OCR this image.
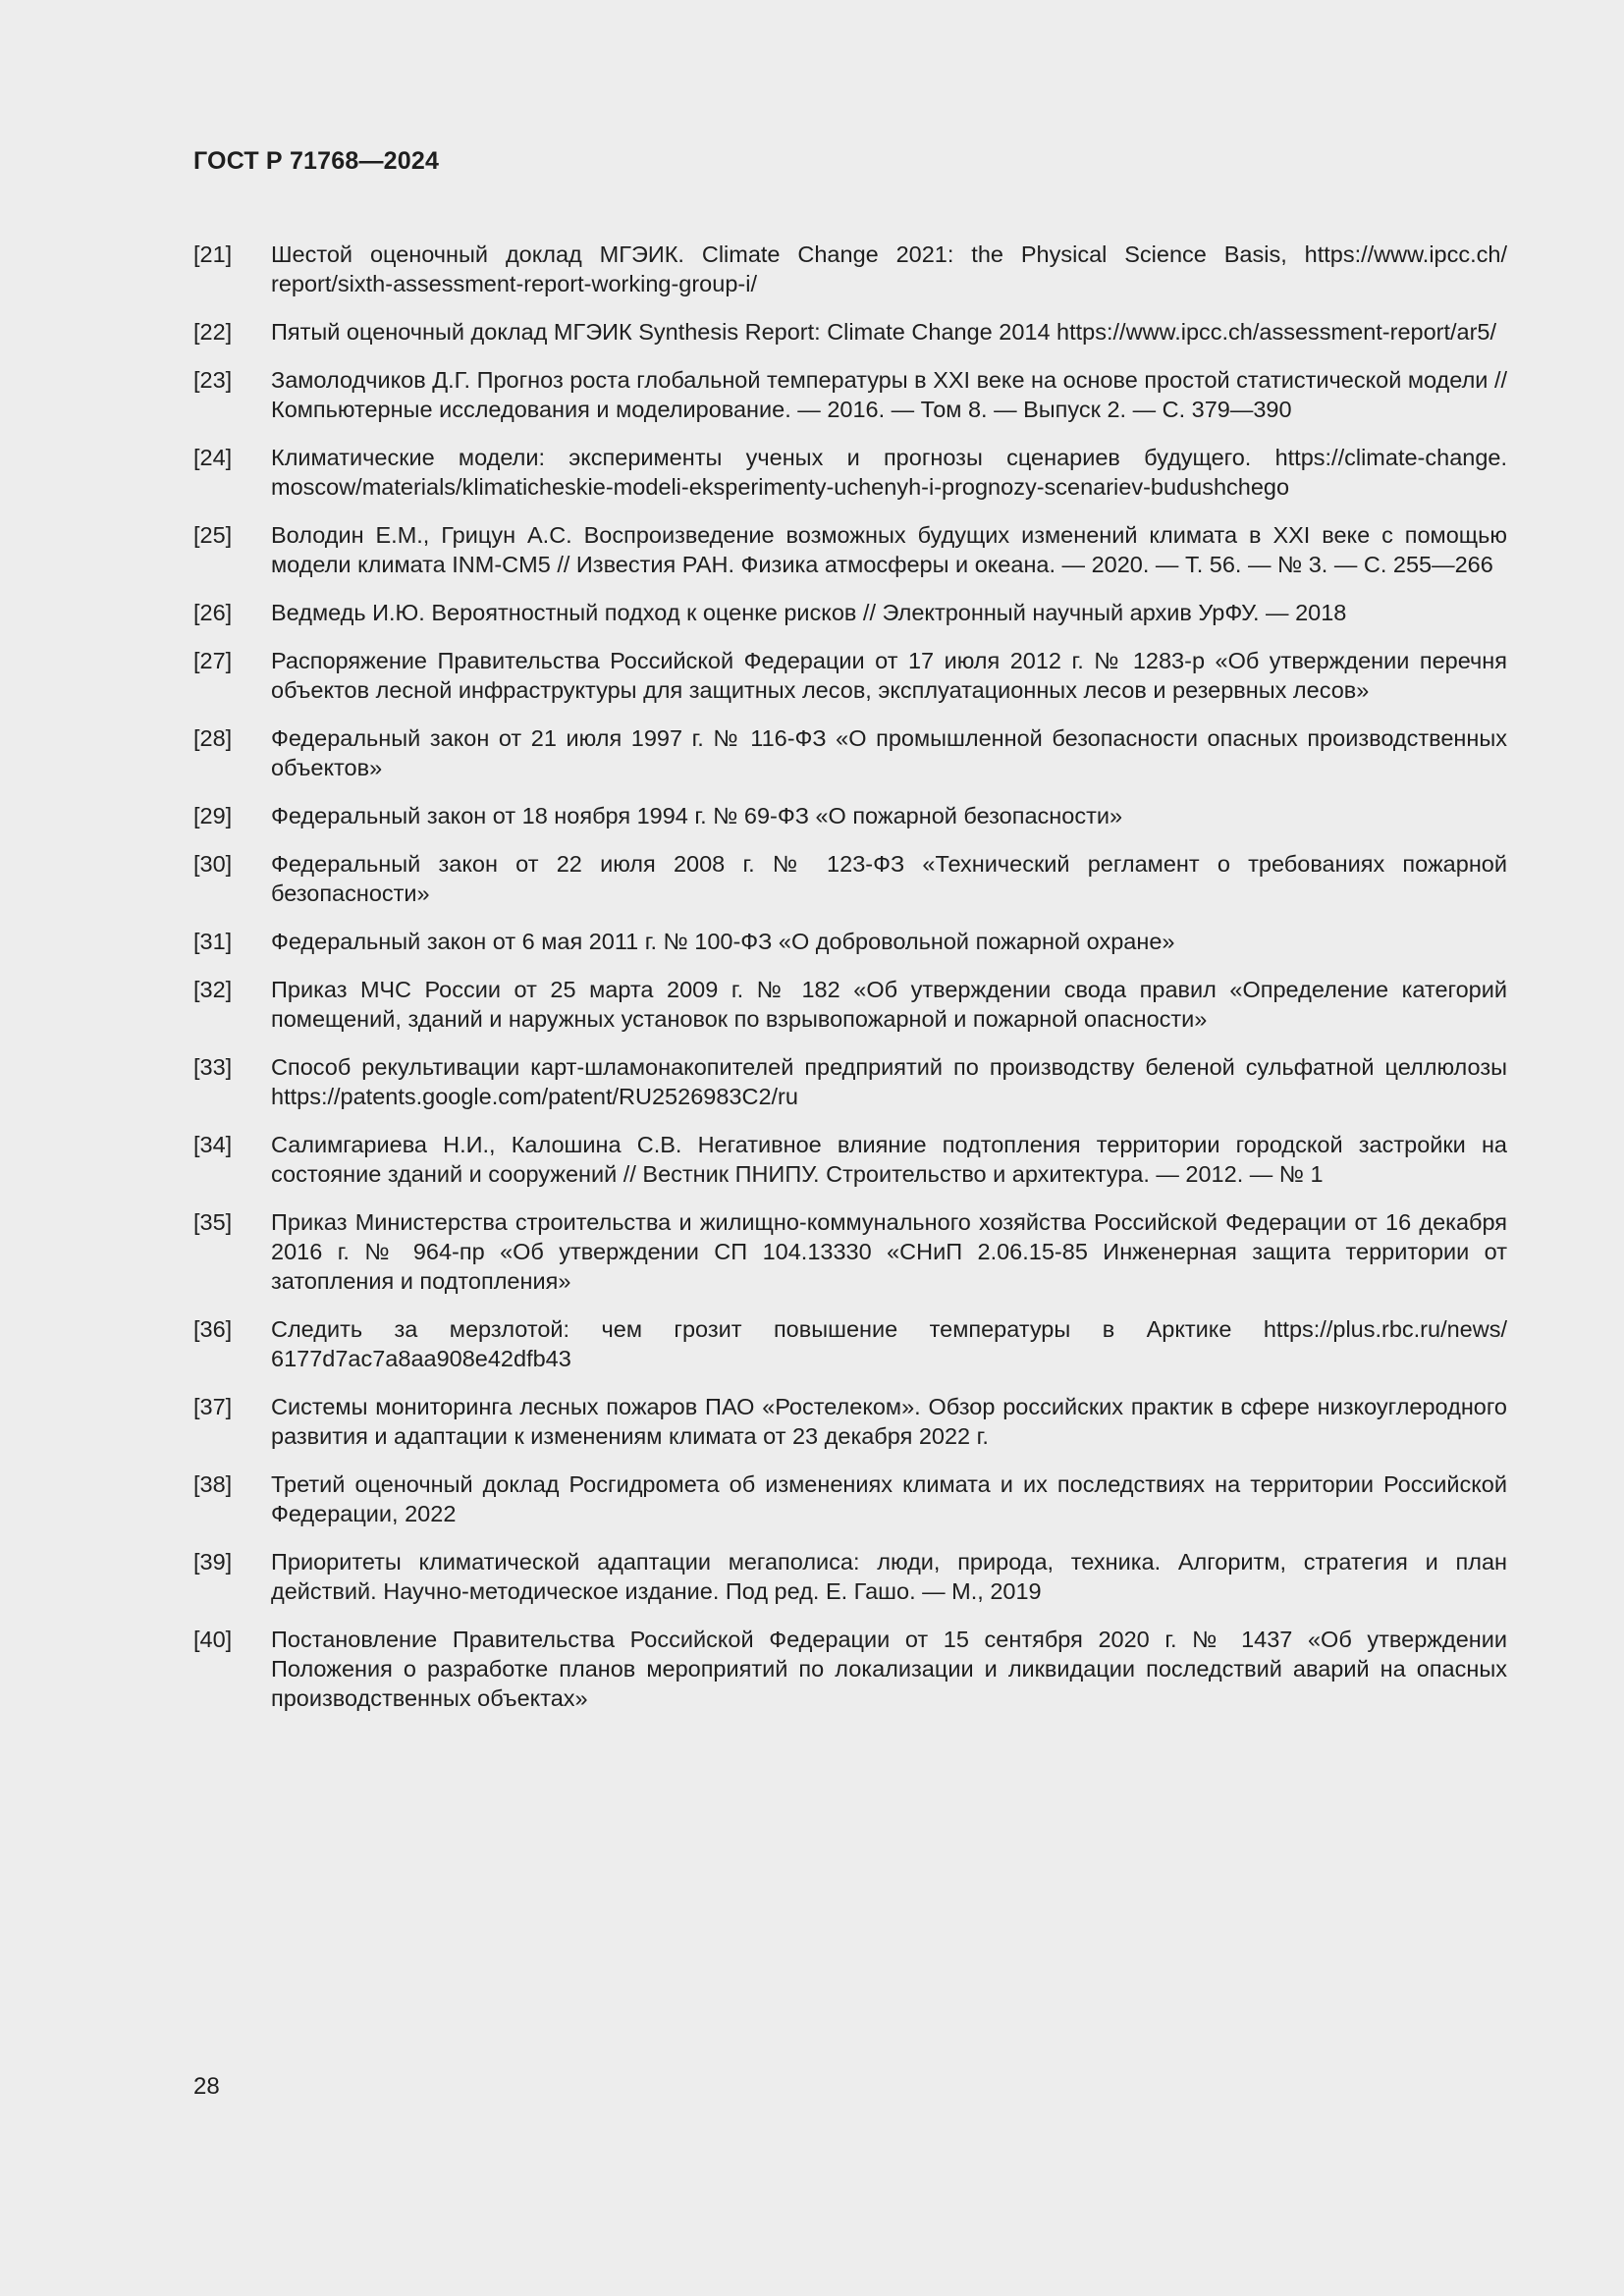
ГОСТ Р 71768—2024
[21]	Шестой оценочный доклад МГЭИК. Climate Change 2021: the Physical Science Basis, https://www.ipcc.ch/ report/sixth-assessment-report-working-group-i/
[22]	Пятый оценочный доклад МГЭИК Synthesis Report: Climate Change 2014 https://www.ipcc.ch/assessment-report/ar5/
[23]	Замолодчиков Д.Г. Прогноз роста глобальной температуры в XXI веке на основе простой статистической модели // Компьютерные исследования и моделирование. — 2016. — Том 8. — Выпуск 2. — С. 379—390
[24]	Климатические модели: эксперименты ученых и прогнозы сценариев будущего. https://climate-change. moscow/materials/klimaticheskie-modeli-eksperimenty-uchenyh-i-prognozy-scenariev-budushchego
[25]	Володин Е.М., Грицун А.С. Воспроизведение возможных будущих изменений климата в XXI веке с помощью модели климата INM-CM5 // Известия РАН. Физика атмосферы и океана. — 2020. — Т. 56. — № 3. — С. 255—266
[26]	Ведмедь И.Ю. Вероятностный подход к оценке рисков // Электронный научный архив УрФУ. — 2018
[27]	Распоряжение Правительства Российской Федерации от 17 июля 2012 г. № 1283-р «Об утверждении перечня объектов лесной инфраструктуры для защитных лесов, эксплуатационных лесов и резервных лесов»
[28]	Федеральный закон от 21 июля 1997 г. № 116-ФЗ «О промышленной безопасности опасных производственных объектов»
[29]	Федеральный закон от 18 ноября 1994 г. № 69-ФЗ «О пожарной безопасности»
[30]	Федеральный закон от 22 июля 2008 г. № 123-ФЗ «Технический регламент о требованиях пожарной безопасности»
[31]	Федеральный закон от 6 мая 2011 г. № 100-ФЗ «О добровольной пожарной охране»
[32]	Приказ МЧС России от 25 марта 2009 г. № 182 «Об утверждении свода правил «Определение категорий помещений, зданий и наружных установок по взрывопожарной и пожарной опасности»
[33]	Способ рекультивации карт-шламонакопителей предприятий по производству беленой сульфатной целлюлозы https://patents.google.com/patent/RU2526983C2/ru
[34]	Салимгариева Н.И., Калошина С.В. Негативное влияние подтопления территории городской застройки на состояние зданий и сооружений // Вестник ПНИПУ. Строительство и архитектура. — 2012. — № 1
[35]	Приказ Министерства строительства и жилищно-коммунального хозяйства Российской Федерации от 16 декабря 2016 г. № 964-пр «Об утверждении СП 104.13330 «СНиП 2.06.15-85 Инженерная защита территории от затопления и подтопления»
[36]	Следить за мерзлотой: чем грозит повышение температуры в Арктике https://plus.rbc.ru/news/ 6177d7ac7a8aa908e42dfb43
[37]	Системы мониторинга лесных пожаров ПАО «Ростелеком». Обзор российских практик в сфере низкоуглеродного развития и адаптации к изменениям климата от 23 декабря 2022 г.
[38]	Третий оценочный доклад Росгидромета об изменениях климата и их последствиях на территории Российской Федерации, 2022
[39]	Приоритеты климатической адаптации мегаполиса: люди, природа, техника. Алгоритм, стратегия и план действий. Научно-методическое издание. Под ред. Е. Гашо. — М., 2019
[40]	Постановление Правительства Российской Федерации от 15 сентября 2020 г. № 1437 «Об утверждении Положения о разработке планов мероприятий по локализации и ликвидации последствий аварий на опасных производственных объектах»
28
